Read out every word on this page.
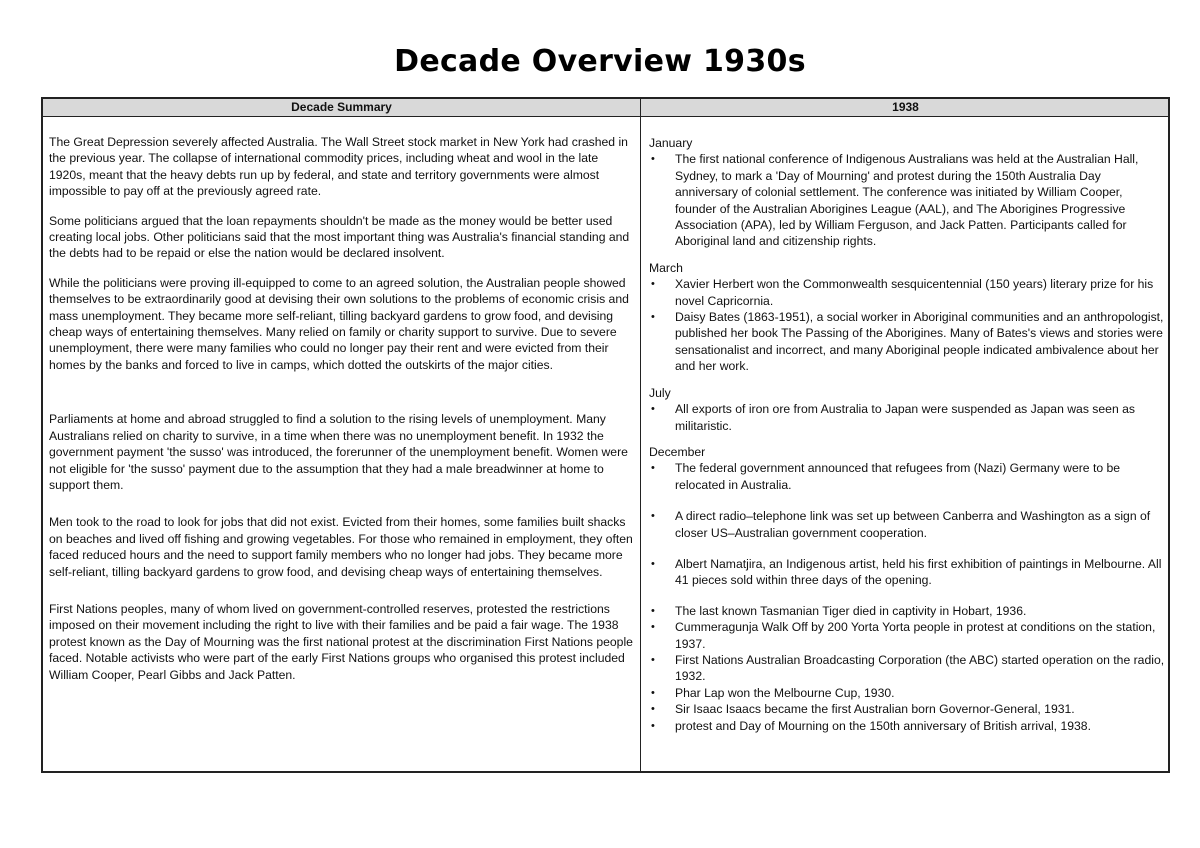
Decade Overview 1930s
Decade Summary	1938

The Great Depression severely affected Australia. The Wall Street stock market in New York had crashed in the previous year. The collapse of international commodity prices, including wheat and wool in the late 1920s, meant that the heavy debts run up by federal, and state and territory governments were almost impossible to pay off at the previously agreed rate.

Some politicians argued that the loan repayments shouldn't be made as the money would be better used creating local jobs. Other politicians said that the most important thing was Australia's financial standing and the debts had to be repaid or else the nation would be declared insolvent.

While the politicians were proving ill-equipped to come to an agreed solution, the Australian people showed themselves to be extraordinarily good at devising their own solutions to the problems of economic crisis and mass unemployment. They became more self-reliant, tilling backyard gardens to grow food, and devising cheap ways of entertaining themselves. Many relied on family or charity support to survive. Due to severe unemployment, there were many families who could no longer pay their rent and were evicted from their homes by the banks and forced to live in camps, which dotted the outskirts of the major cities.

Parliaments at home and abroad struggled to find a solution to the rising levels of unemployment. Many Australians relied on charity to survive, in a time when there was no unemployment benefit. In 1932 the government payment 'the susso' was introduced, the forerunner of the unemployment benefit. Women were not eligible for 'the susso' payment due to the assumption that they had a male breadwinner at home to support them.

Men took to the road to look for jobs that did not exist. Evicted from their homes, some families built shacks on beaches and lived off fishing and growing vegetables. For those who remained in employment, they often faced reduced hours and the need to support family members who no longer had jobs. They became more self-reliant, tilling backyard gardens to grow food, and devising cheap ways of entertaining themselves.

First Nations peoples, many of whom lived on government-controlled reserves, protested the restrictions imposed on their movement including the right to live with their families and be paid a fair wage. The 1938 protest known as the Day of Mourning was the first national protest at the discrimination First Nations people faced. Notable activists who were part of the early First Nations groups who organised this protest included William Cooper, Pearl Gibbs and Jack Patten.

January

• The first national conference of Indigenous Australians was held at the Australian Hall, Sydney, to mark a 'Day of Mourning' and protest during the 150th Australia Day anniversary of colonial settlement. The conference was initiated by William Cooper, founder of the Australian Aborigines League (AAL), and The Aborigines Progressive Association (APA), led by William Ferguson, and Jack Patten. Participants called for Aboriginal land and citizenship rights.

March

• Xavier Herbert won the Commonwealth sesquicentennial (150 years) literary prize for his novel Capricornia.
• Daisy Bates (1863-1951), a social worker in Aboriginal communities and an anthropologist, published her book The Passing of the Aborigines. Many of Bates's views and stories were sensationalist and incorrect, and many Aboriginal people indicated ambivalence about her and her work.

July

• All exports of iron ore from Australia to Japan were suspended as Japan was seen as militaristic.

December

• The federal government announced that refugees from (Nazi) Germany were to be relocated in Australia.
• A direct radio–telephone link was set up between Canberra and Washington as a sign of closer US–Australian government cooperation.
• Albert Namatjira, an Indigenous artist, held his first exhibition of paintings in Melbourne. All 41 pieces sold within three days of the opening.
• The last known Tasmanian Tiger died in captivity in Hobart, 1936.
• Cummeragunja Walk Off by 200 Yorta Yorta people in protest at conditions on the station, 1937.
• First Nations Australian Broadcasting Corporation (the ABC) started operation on the radio, 1932.
• Phar Lap won the Melbourne Cup, 1930.
• Sir Isaac Isaacs became the first Australian born Governor-General, 1931.
• protest and Day of Mourning on the 150th anniversary of British arrival, 1938.
